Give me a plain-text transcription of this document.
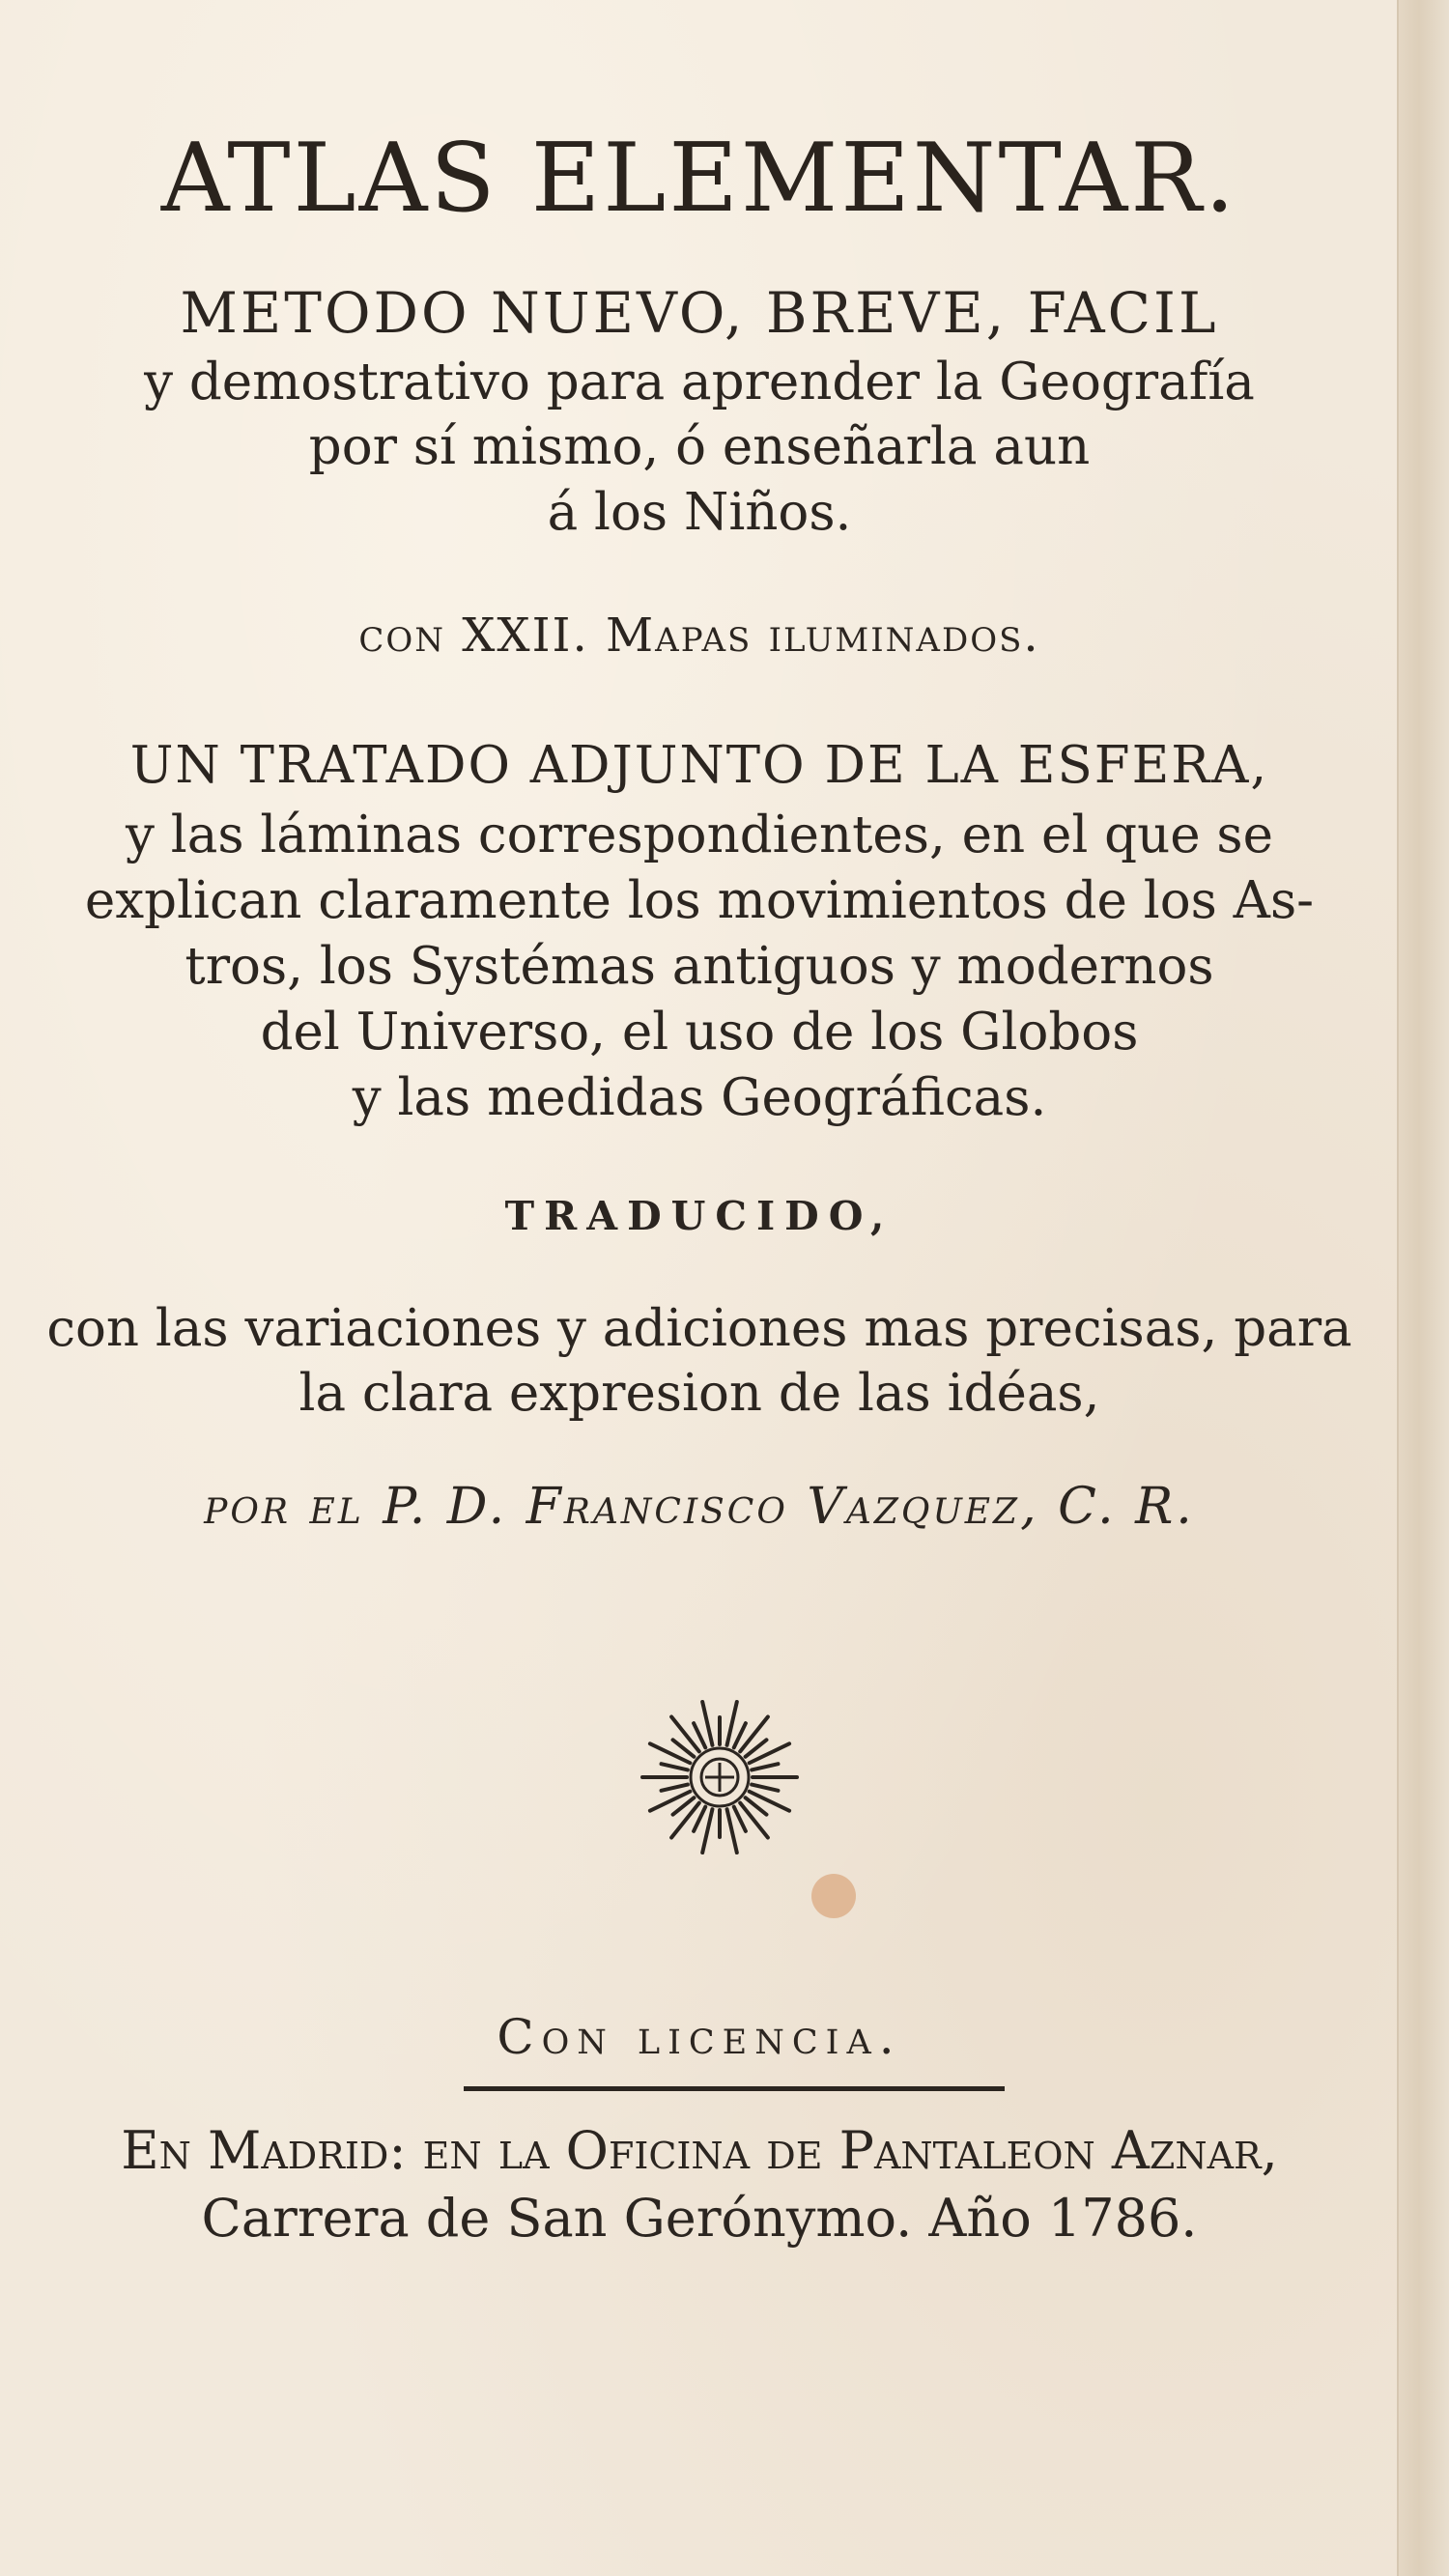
ATLAS ELEMENTAR.

METODO NUEVO, BREVE, FACIL

y demostrativo para aprender la Geografía

por sí mismo, ó enseñarla aun

á los Niños.

con XXII. Mapas iluminados.

UN TRATADO ADJUNTO DE LA ESFERA,

y las láminas correspondientes, en el que se

explican claramente los movimientos de los As-

tros, los Systémas antiguos y modernos

del Universo, el uso de los Globos

y las medidas Geográficas.

TRADUCIDO,

con las variaciones y adiciones mas precisas, para

la clara expresion de las idéas,

por el P. D. Francisco Vazquez, C. R.

Con licencia.

En Madrid: en la Oficina de Pantaleon Aznar,

Carrera de San Gerónymo. Año 1786.
